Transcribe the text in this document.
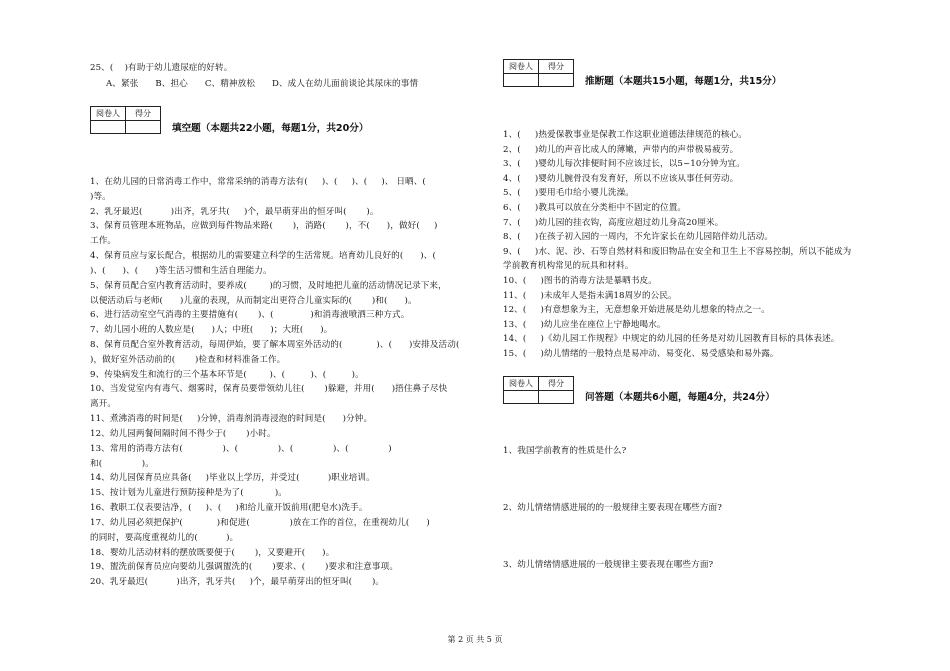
25、(    )有助于幼儿遗尿症的好转。
A、紧张      B、担心      C、精神放松      D、成人在幼儿面前谈论其尿床的事情
阅卷人	得分
填空题（本题共22小题，每题1分，共20分）
1、在幼儿园的日常消毒工作中，常常采纳的消毒方法有(     )、(     )、(     )、 日晒、(
)等。
2、乳牙最迟(          )出齐，乳牙共(     )个，最早萌芽出的恒牙叫(       )。
3、保育员管理本班物品，应做到每件物品来路(       )，消路(       )，不(      )，做好(     )
工作。
4、保育员应与家长配合，根据幼儿的需要建立科学的生活常规。培育幼儿良好的(      )、(
)、(      )、(      )等生活习惯和生活自理能力。
5、保育员配合室内教育活动时，要养成(        )的习惯，及时地把儿童的活动情况记录下来，
以便活动后与老师(      )儿童的表现，从而制定出更符合儿童实际的(       )和(      )。
6、进行活动室空气消毒的主要措施有(       )、(             )和消毒液喷洒三种方式。
7、幼儿园小班的人数应是(      )人；中班(      )；大班(      )。
8、保育员配合室外教育活动，每周伊始，要了解本周室外活动的(            )、(      )安排及活动(
)，做好室外活动前的(       )检查和材料准备工作。
9、传染病发生和流行的三个基本环节是(        )、(         )、(         )。
10、当发觉室内有毒气、烟雾时，保育员要带领幼儿往(       )躲避，并用(      )捂住鼻子尽快
离开。
11、煮沸消毒的时间是(     )分钟，消毒剂消毒浸泡的时间是(      )分钟。
12、幼儿园两餐间隔时间不得少于(       )小时。
13、常用的消毒方法有(              )、(              )、(              )、(              )
和(              )。
14、幼儿园保育员应具备(     )毕业以上学历，并受过(          )职业培训。
15、按计划为儿童进行预防接种是为了(           )。
16、教职工仪表要洁净，(     )、(     )和给儿童开饭前用(肥皂水)洗手。
17、幼儿园必须把保护(            )和促进(              )放在工作的首位，在重视幼儿(      )
的同时，要高度重视幼儿的(          )。
18、婴幼儿活动材料的摆放既要便于(       )，又要避开(      )。
19、盥洗前保育员应向要幼儿强调盥洗的(       )要求、(       )要求和注意事项。
20、乳牙最迟(          )出齐，乳牙共(     )个，最早萌芽出的恒牙叫(       )。
阅卷人	得分
推断题（本题共15小题，每题1分，共15分）
1、(     )热爱保教事业是保教工作这职业道德法律规范的核心。
2、(     )幼儿的声音比成人的薄嫩，声带内的声带极易疲劳。
3、(     )婴幼儿每次排便时间不应该过长，以5~10分钟为宜。
4、(     )婴幼儿腕骨没有发育好，所以不应该从事任何劳动。
5、(     )要用毛巾给小婴儿洗澡。
6、(     )教具可以放在分类柜中不固定的位置。
7、(     )幼儿园的挂衣钩，高度应超过幼儿身高20厘米。
8、(     )在孩子初入园的一周内，不允许家长在幼儿园陪伴幼儿活动。
9、(     )水、泥、沙、石等自然材料和废旧物品在安全和卫生上不容易控制，所以不能成为
学前教育机构常见的玩具和材料。
10、(     )图书的消毒方法是暴晒书皮。
11、(     )未成年人是指未满18周岁的公民。
12、(     )有意想象为主，无意想象开始进展是幼儿想象的特点之一。
13、(     )幼儿应坐在座位上宁静地喝水。
14、(     )《幼儿园工作规程》中规定的幼儿园的任务是对幼儿园教育目标的具体表述。
15、(     )幼儿情绪的一般特点是易冲动、易变化、易受感染和易外露。
阅卷人	得分
问答题（本题共6小题，每题4分，共24分）
1、我国学前教育的性质是什么?
2、幼儿情绪情感进展的的一般规律主要表现在哪些方面?
3、幼儿情绪情感进展的一般规律主要表现在哪些方面?
第 2 页 共 5 页
